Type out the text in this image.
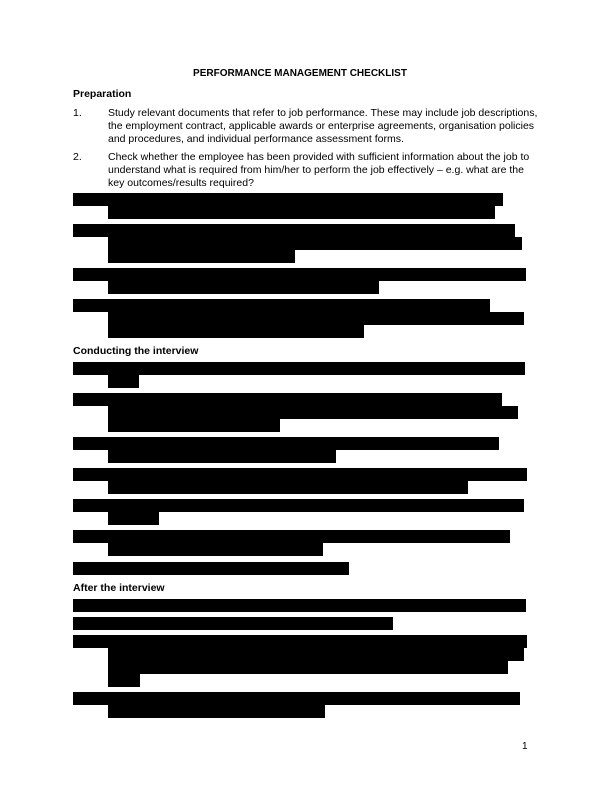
PERFORMANCE MANAGEMENT CHECKLIST
Preparation
1. Study relevant documents that refer to job performance. These may include job descriptions, the employment contract, applicable awards or enterprise agreements, organisation policies and procedures, and individual performance assessment forms.
2. Check whether the employee has been provided with sufficient information about the job to understand what is required from him/her to perform the job effectively – e.g. what are the key outcomes/results required?
Conducting the interview
After the interview
1
